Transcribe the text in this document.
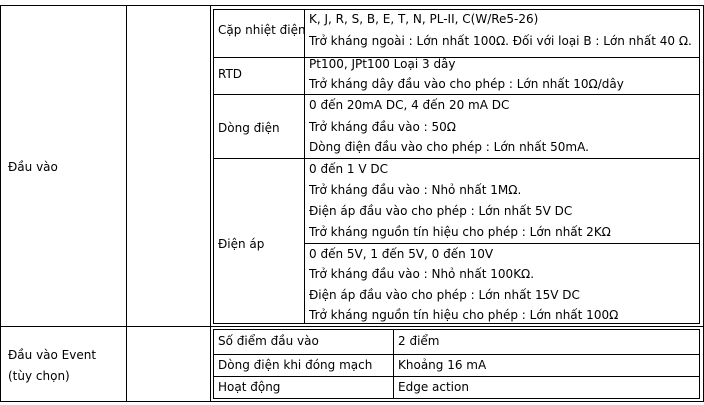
Đầu vào
Cặp nhiệt điện
K, J, R, S, B, E, T, N, PL-II, C(W/Re5-26)
Trở kháng ngoài : Lớn nhất 100Ω. Đối với loại B : Lớn nhất 40 Ω.
RTD
Pt100, JPt100 Loại 3 dây
Trở kháng dây đầu vào cho phép : Lớn nhất 10Ω/dây
Dòng điện
0 đến 20mA DC, 4 đến 20 mA DC
Trở kháng đầu vào : 50Ω
Dòng điện đầu vào cho phép : Lớn nhất 50mA.
Điện áp
0 đến 1 V DC
Trở kháng đầu vào : Nhỏ nhất 1MΩ.
Điện áp đầu vào cho phép : Lớn nhất 5V DC
Trở kháng nguồn tín hiệu cho phép : Lớn nhất 2KΩ
0 đến 5V, 1 đến 5V, 0 đến 10V
Trở kháng đầu vào : Nhỏ nhất 100KΩ.
Điện áp đầu vào cho phép : Lớn nhất 15V DC
Trở kháng nguồn tín hiệu cho phép : Lớn nhất 100Ω
Đầu vào Event
(tùy chọn)
Số điểm đầu vào	2 điểm
Dòng điện khi đóng mạch Khoảng 16 mA
Hoạt động	Edge action
